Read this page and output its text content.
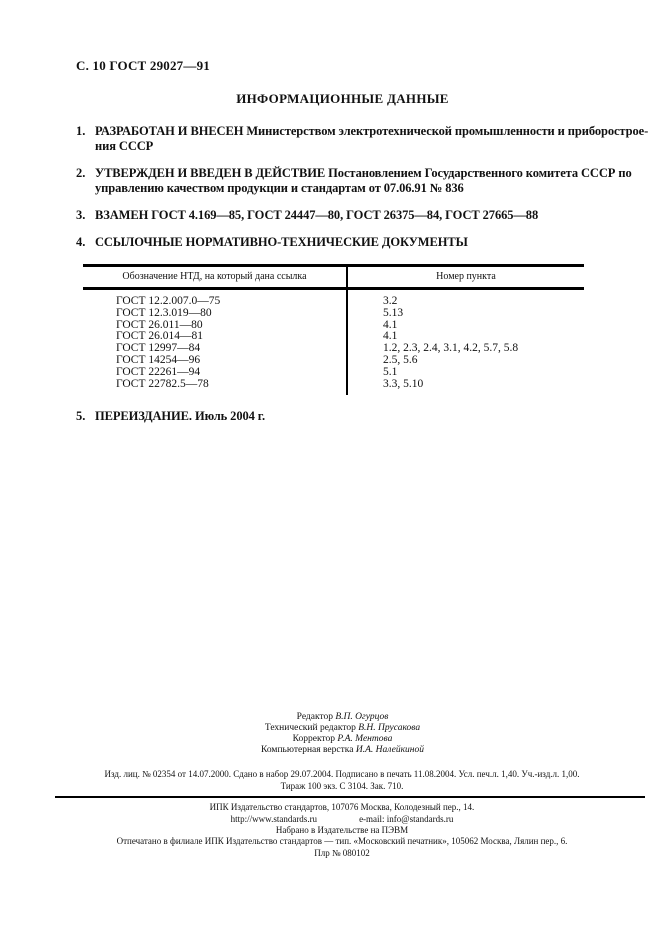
С. 10 ГОСТ 29027—91
ИНФОРМАЦИОННЫЕ ДАННЫЕ
1. РАЗРАБОТАН И ВНЕСЕН Министерством электротехнической промышленности и приборострое-
ния СССР
2. УТВЕРЖДЕН И ВВЕДЕН В ДЕЙСТВИЕ Постановлением Государственного комитета СССР по
управлению качеством продукции и стандартам от 07.06.91 № 836
3. ВЗАМЕН ГОСТ 4.169—85, ГОСТ 24447—80, ГОСТ 26375—84, ГОСТ 27665—88
4. ССЫЛОЧНЫЕ НОРМАТИВНО-ТЕХНИЧЕСКИЕ ДОКУМЕНТЫ
Обозначение НТД, на который дана ссылка	Номер пункта
ГОСТ 12.2.007.0—75	3.2
ГОСТ 12.3.019—80	5.13
ГОСТ 26.011—80	4.1
ГОСТ 26.014—81	4.1
ГОСТ 12997—84	1.2, 2.3, 2.4, 3.1, 4.2, 5.7, 5.8
ГОСТ 14254—96	2.5, 5.6
ГОСТ 22261—94	5.1
ГОСТ 22782.5—78	3.3, 5.10
5. ПЕРЕИЗДАНИЕ. Июль 2004 г.
Редактор В.П. Огурцов
Технический редактор В.Н. Прусакова
Корректор Р.А. Ментова
Компьютерная верстка И.А. Налейкиной
Изд. лиц. № 02354 от 14.07.2000. Сдано в набор 29.07.2004. Подписано в печать 11.08.2004. Усл. печ.л. 1,40. Уч.-изд.л. 1,00.
Тираж 100 экз. С 3104. Зак. 710.
ИПК Издательство стандартов, 107076 Москва, Колодезный пер., 14.
http://www.standards.ru	e-mail: info@standards.ru
Набрано в Издательстве на ПЭВМ
Отпечатано в филиале ИПК Издательство стандартов — тип. «Московский печатник», 105062 Москва, Лялин пер., 6.
Плр № 080102
